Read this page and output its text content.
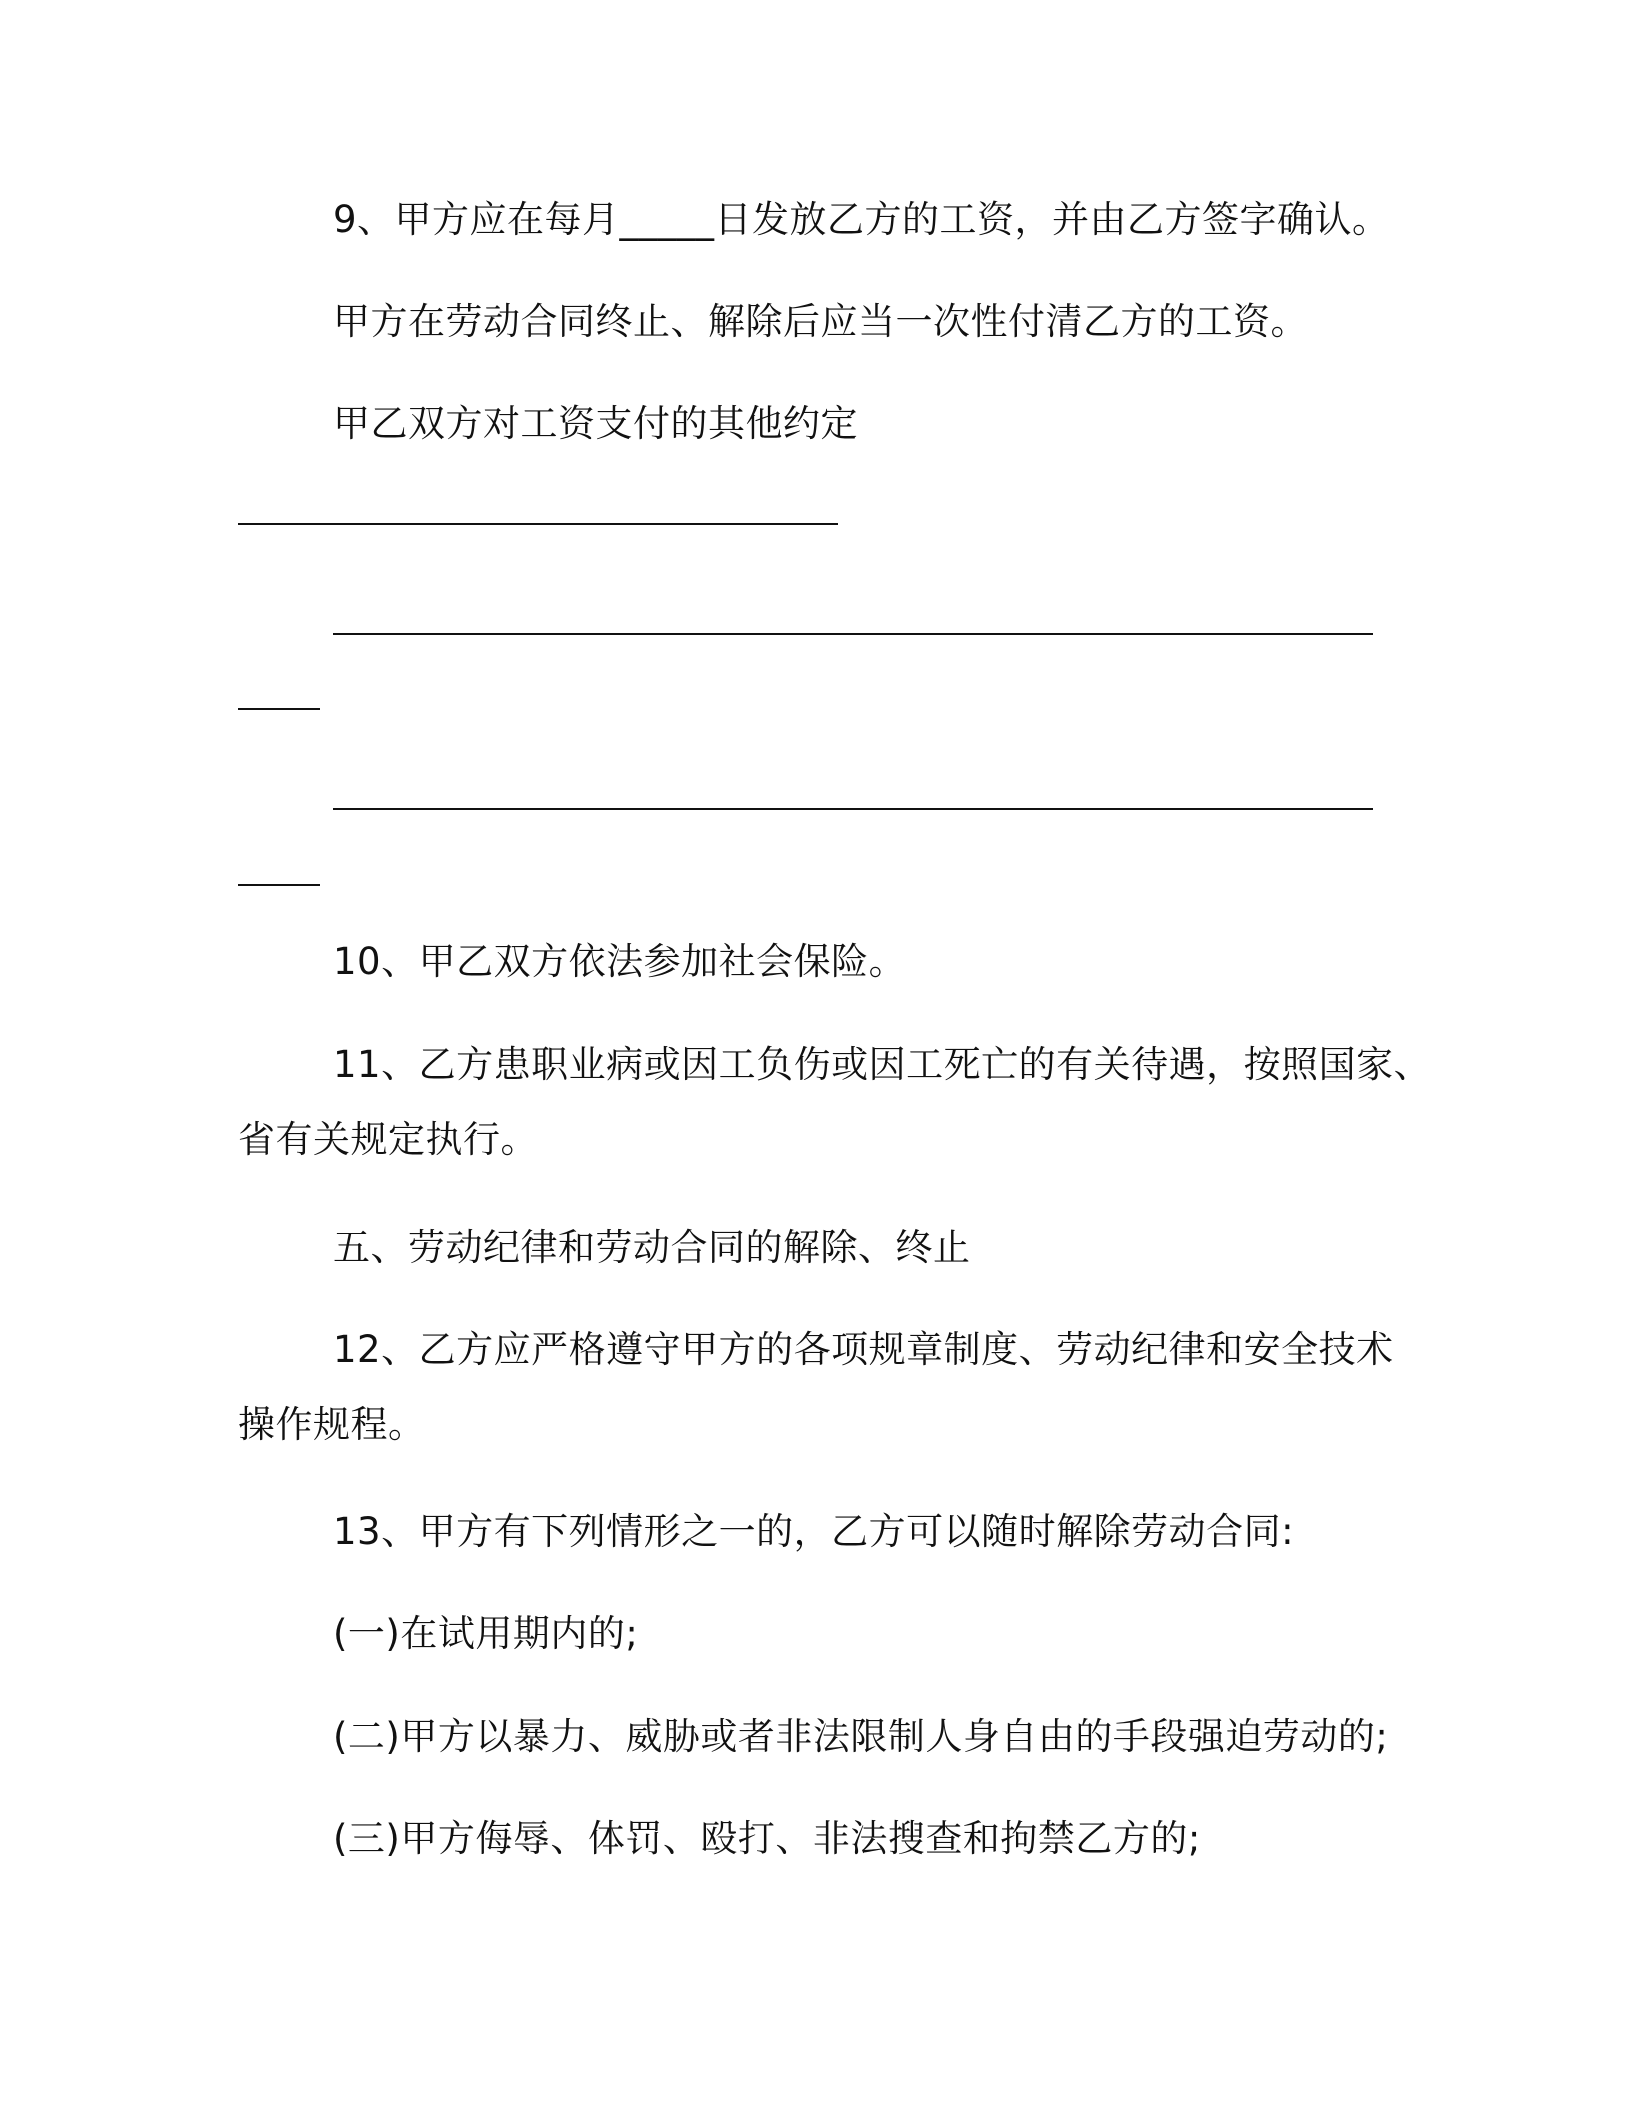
9、甲方应在每月_____日发放乙方的工资，并由乙方签字确认。
甲方在劳动合同终止、解除后应当一次性付清乙方的工资。
甲乙双方对工资支付的其他约定
10、甲乙双方依法参加社会保险。
11、乙方患职业病或因工负伤或因工死亡的有关待遇，按照国家、
省有关规定执行。
五、劳动纪律和劳动合同的解除、终止
12、乙方应严格遵守甲方的各项规章制度、劳动纪律和安全技术
操作规程。
13、甲方有下列情形之一的，乙方可以随时解除劳动合同:
(一)在试用期内的;
(二)甲方以暴力、威胁或者非法限制人身自由的手段强迫劳动的;
(三)甲方侮辱、体罚、殴打、非法搜查和拘禁乙方的;
